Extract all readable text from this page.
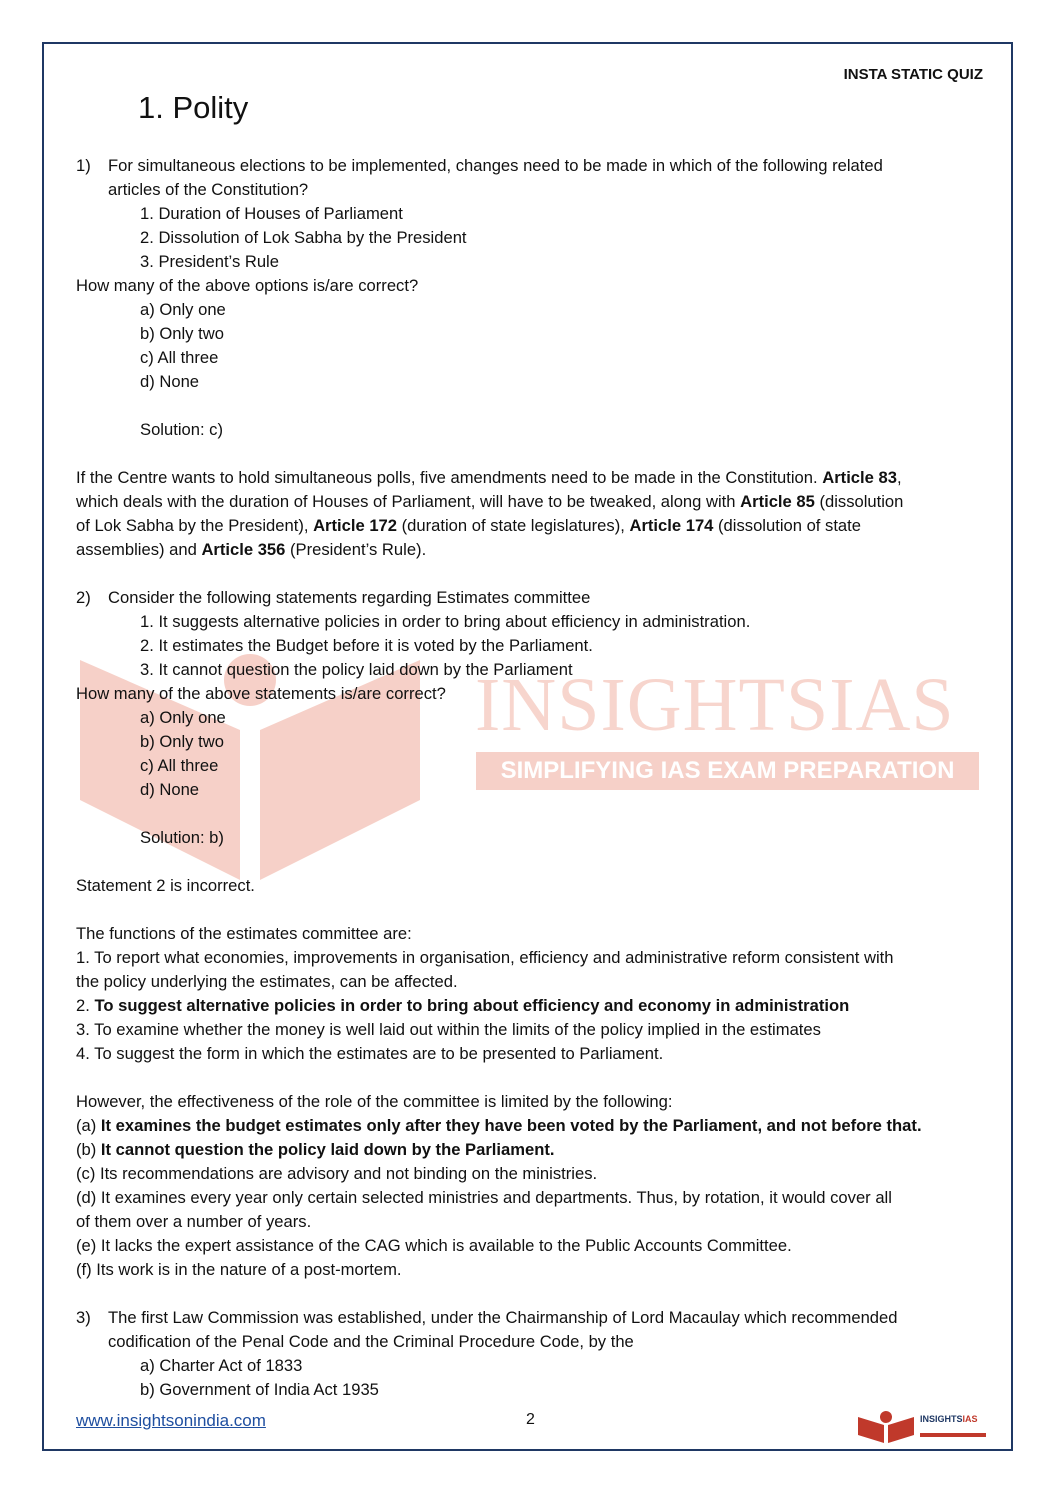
INSIGHTSIAS
SIMPLIFYING IAS EXAM PREPARATION
INSTA STATIC QUIZ
1. Polity
1)	For simultaneous elections to be implemented, changes need to be made in which of the following related
articles of the Constitution?
1. Duration of Houses of Parliament
2. Dissolution of Lok Sabha by the President
3. President’s Rule
How many of the above options is/are correct?
a) Only one
b) Only two
c) All three
d) None
Solution: c)
If the Centre wants to hold simultaneous polls, five amendments need to be made in the Constitution. Article 83,
which deals with the duration of Houses of Parliament, will have to be tweaked, along with Article 85 (dissolution
of Lok Sabha by the President), Article 172 (duration of state legislatures), Article 174 (dissolution of state
assemblies) and Article 356 (President’s Rule).
2)	Consider the following statements regarding Estimates committee
1. It suggests alternative policies in order to bring about efficiency in administration.
2. It estimates the Budget before it is voted by the Parliament.
3. It cannot question the policy laid down by the Parliament
How many of the above statements is/are correct?
a) Only one
b) Only two
c) All three
d) None
Solution: b)
Statement 2 is incorrect.
The functions of the estimates committee are:
1. To report what economies, improvements in organisation, efficiency and administrative reform consistent with
the policy underlying the estimates, can be affected.
2. To suggest alternative policies in order to bring about efficiency and economy in administration
3. To examine whether the money is well laid out within the limits of the policy implied in the estimates
4. To suggest the form in which the estimates are to be presented to Parliament.
However, the effectiveness of the role of the committee is limited by the following:
(a) It examines the budget estimates only after they have been voted by the Parliament, and not before that.
(b) It cannot question the policy laid down by the Parliament.
(c) Its recommendations are advisory and not binding on the ministries.
(d) It examines every year only certain selected ministries and departments. Thus, by rotation, it would cover all
of them over a number of years.
(e) It lacks the expert assistance of the CAG which is available to the Public Accounts Committee.
(f) Its work is in the nature of a post-mortem.
3)	The first Law Commission was established, under the Chairmanship of Lord Macaulay which recommended
codification of the Penal Code and the Criminal Procedure Code, by the
a) Charter Act of 1833
b) Government of India Act 1935
www.insightsonindia.com	2	INSIGHTSIAS
